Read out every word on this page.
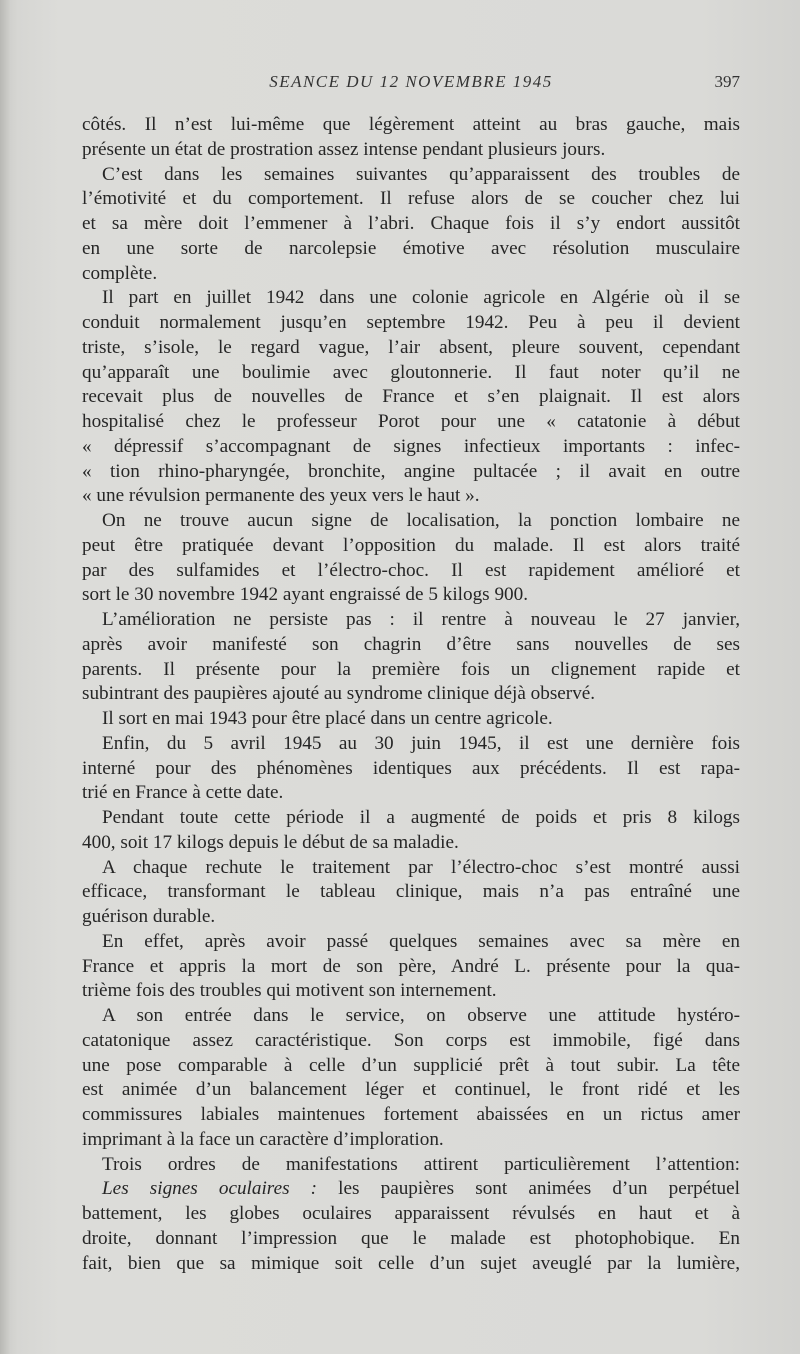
SEANCE DU 12 NOVEMBRE 1945	397
côtés. Il n’est lui-même que légèrement atteint au bras gauche, mais
présente un état de prostration assez intense pendant plusieurs jours.
C’est dans les semaines suivantes qu’apparaissent des troubles de
l’émotivité et du comportement. Il refuse alors de se coucher chez lui
et sa mère doit l’emmener à l’abri. Chaque fois il s’y endort aussitôt
en une sorte de narcolepsie émotive avec résolution musculaire
complète.
Il part en juillet 1942 dans une colonie agricole en Algérie où il se
conduit normalement jusqu’en septembre 1942. Peu à peu il devient
triste, s’isole, le regard vague, l’air absent, pleure souvent, cependant
qu’apparaît une boulimie avec gloutonnerie. Il faut noter qu’il ne
recevait plus de nouvelles de France et s’en plaignait. Il est alors
hospitalisé chez le professeur Porot pour une « catatonie à début
« dépressif s’accompagnant de signes infectieux importants : infec-
« tion rhino-pharyngée, bronchite, angine pultacée ; il avait en outre
« une révulsion permanente des yeux vers le haut ».
On ne trouve aucun signe de localisation, la ponction lombaire ne
peut être pratiquée devant l’opposition du malade. Il est alors traité
par des sulfamides et l’électro-choc. Il est rapidement amélioré et
sort le 30 novembre 1942 ayant engraissé de 5 kilogs 900.
L’amélioration ne persiste pas : il rentre à nouveau le 27 janvier,
après avoir manifesté son chagrin d’être sans nouvelles de ses
parents. Il présente pour la première fois un clignement rapide et
subintrant des paupières ajouté au syndrome clinique déjà observé.
Il sort en mai 1943 pour être placé dans un centre agricole.
Enfin, du 5 avril 1945 au 30 juin 1945, il est une dernière fois
interné pour des phénomènes identiques aux précédents. Il est rapa-
trié en France à cette date.
Pendant toute cette période il a augmenté de poids et pris 8 kilogs
400, soit 17 kilogs depuis le début de sa maladie.
A chaque rechute le traitement par l’électro-choc s’est montré aussi
efficace, transformant le tableau clinique, mais n’a pas entraîné une
guérison durable.
En effet, après avoir passé quelques semaines avec sa mère en
France et appris la mort de son père, André L. présente pour la qua-
trième fois des troubles qui motivent son internement.
A son entrée dans le service, on observe une attitude hystéro-
catatonique assez caractéristique. Son corps est immobile, figé dans
une pose comparable à celle d’un supplicié prêt à tout subir. La tête
est animée d’un balancement léger et continuel, le front ridé et les
commissures labiales maintenues fortement abaissées en un rictus amer
imprimant à la face un caractère d’imploration.
Trois ordres de manifestations attirent particulièrement l’attention:
Les signes oculaires : les paupières sont animées d’un perpétuel
battement, les globes oculaires apparaissent révulsés en haut et à
droite, donnant l’impression que le malade est photophobique. En
fait, bien que sa mimique soit celle d’un sujet aveuglé par la lumière,
